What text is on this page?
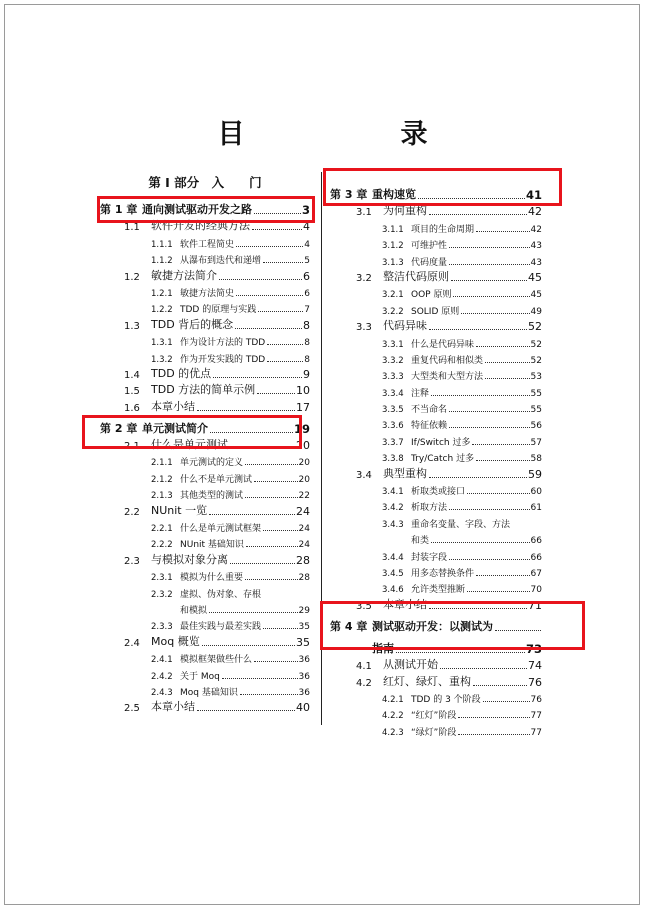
目　　录
第 Ⅰ 部分　入　　门
第 1 章 通向测试驱动开发之路	3
1.1	软件开发的经典方法	4
1.1.1 软件工程简史	4
1.1.2 从瀑布到迭代和递增	5
1.2	敏捷方法简介	6
1.2.1 敏捷方法简史	6
1.2.2 TDD 的原理与实践	7
1.3	TDD 背后的概念	8
1.3.1 作为设计方法的 TDD	8
1.3.2 作为开发实践的 TDD	8
1.4	TDD 的优点	9
1.5	TDD 方法的简单示例	10
1.6	本章小结	17
第 2 章 单元测试简介	19
2.1	什么是单元测试	20
2.1.1 单元测试的定义	20
2.1.2 什么不是单元测试	20
2.1.3 其他类型的测试	22
2.2	NUnit 一览	24
2.2.1 什么是单元测试框架	24
2.2.2 NUnit 基础知识	24
2.3	与模拟对象分离	28
2.3.1 模拟为什么重要	28
2.3.2 虚拟、伪对象、存根
和模拟	29
2.3.3 最佳实践与最差实践	35
2.4	Moq 概览	35
2.4.1 模拟框架做些什么	36
2.4.2 关于 Moq	36
2.4.3 Moq 基础知识	36
2.5	本章小结	40
第 3 章 重构速览	41
3.1	为何重构	42
3.1.1 项目的生命周期	42
3.1.2 可维护性	43
3.1.3 代码度量	43
3.2	整洁代码原则	45
3.2.1 OOP 原则	45
3.2.2 SOLID 原则	49
3.3	代码异味	52
3.3.1 什么是代码异味	52
3.3.2 重复代码和相似类	52
3.3.3 大型类和大型方法	53
3.3.4 注释	55
3.3.5 不当命名	55
3.3.6 特征依赖	56
3.3.7 If/Switch 过多	57
3.3.8 Try/Catch 过多	58
3.4	典型重构	59
3.4.1 析取类或接口	60
3.4.2 析取方法	61
3.4.3 重命名变量、字段、方法
和类	66
3.4.4 封装字段	66
3.4.5 用多态替换条件	67
3.4.6 允许类型推断	70
3.5	本章小结	71
第 4 章 测试驱动开发：以测试为
指南	73
4.1	从测试开始	74
4.2	红灯、绿灯、重构	76
4.2.1 TDD 的 3 个阶段	76
4.2.2 “红灯”阶段	77
4.2.3 “绿灯”阶段	77
